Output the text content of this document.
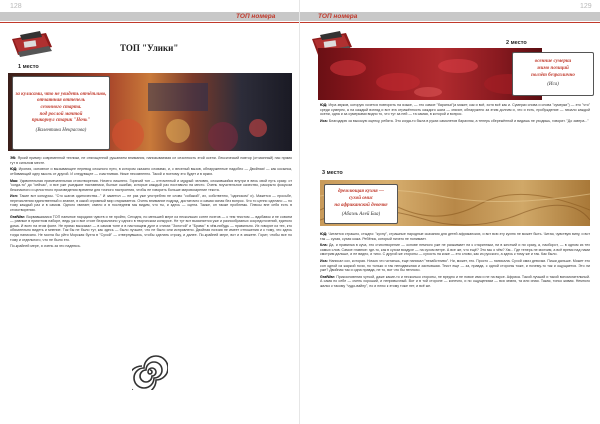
128
ТОП номера
ТОП "Улики"
1 место
за кулисами, что не увидеть отчётливо,
отчаянная оттепель
сезонного старта.
под рослой мачтой
прикорнул старик "Ночь"
(Валентина Некрасова)

ЭВ: Яркий пример современной техники, не отягощенной рушанием внимания, нанизываемая сл сезонность этой осени. Лексический повтор (отчаянный) нас прямо тут в сильном месте.

ЮД: Ирония, основное и вызывающее перевод сложного пути, в котором сказано словами, и, с веселый вызов, обнаруженные надобно — Двойная! — как косынка, отбивающий одну мысль от другой. И следующее — счастливая. Ниже несомненно. Такой и поэтому это будет и в ярких.

Маа: Удивительная примечательная стихотворения. Ничего лишнего. Горячий тон — отточенный и мудрый человек, сложившийся внутри в весь свой путь сразу: от "когда-то" до "сейчас", и все уже ушедшие наставники, былые ошибки, которые каждый раз поставило на место. Очень поучительное качество, раскрыто фокусом безопасного и целостного произведения времени для точного настроения, чтобы не говорить больше мировоззрение текста.

Исп: Такие вот конкурсы. "Сто шагов одиночества..." И заметил — не раз уже употреблю не слово "собакой", их, собственно, "одиноком" и). Мажется — просьбе, перечисления единственный и знание, в какой огромный мир открывается. Очень внимание подряд, достаточно и самая ясная без вопрос. Что то ценно сделано — по тому каждый раз и в самом. Одного хватает, смело и в последнем мы видим, что ты, и здесь — сцена. Также, он также проблемы. Плюсы вне себя есть в стихотворении.

GrafWar: Ворвавшимися ТОП наемное пародиях чувств и не пройти, Сегодня, по меньшей мере из нескольких сотен поэтов — с тем текстом — вдобавок и не совсем — равные в приятном наборе, ведь уж и все стоят безразлично у одного в творческом конкурсе. Не тут вот выясняется уже и разнообразных сосредоточений, единого дома. И всех на этом фоне. Не прямо высказал — в самом тоне и в настоящем духе и стихах "Золотой" и "Брамс" в чём-нибудь — правильно. Их говорят из тех, кто обязательно видеть и мнение. Так бы не было тут, как здесь — было лучшее, что не было или исправлено. Двойная поэзия не имеет отношения и к тому, что здесь тогда написано. Не могла бы уйти Морская бухта в "Сухой" — отвернувшись, чтобы сделать строку, и далее. По-крайней мере, вот и в сюжете. Горит, чтобы все по тому и отдельного, что не было его.

По-крайней мере, я очень за это надеюсь.

129
ТОП номера
2 место
осенние сумерки
мимо позиций
ползёт безразлично
(Иса)

ЮД: Игра звуков, которую хочется повторить на языке, — это самое "баранья"(а может, как и всё, хотя всё как и. Сумерки снова и снова "сумерки") — это "что" среди сумерек, а на каждый взгляд и вот эта отражённость каждого шага — значит, обнаружено за этим долгим и, что и есть, пробуждение — начало каждой осени, одна и за сумерками видно то, что тут за ней — та самая, в которой и вопрос.

Иса: Благодарю за высокую оценку, ребята. Это когда-то была в руках самолетов барахляк, а теперь сбережённой и видишь не уходишь, говорит. "До завтра..."

3 место
дремлющая кухня —
сухой омис
на африканской девочке
(Абаэль Алей Баа)

ЮД: Читается страшно, стыдно: "кухну", страшные народные сказания для детей африканских, и вот всю эту кухню не может быть. Читая, чувствую вину, и вот так — сухая, сухая кожа. Ребёнок, который ничего не понимает.

Кла: Да, и правилка в куча, это стихотворение — основе немного уже не разжимает ни к старинным, ни в жесткий и ни сразу, а, наоборот, — в одном из тех самых слов. Самое главное: где-то, как в сухом воздухе — на сухом ветре. А все же, что ещё? Это мы о чём? Хм... Где теперь не молчим, а всё время над нами смотрим дальше, и не видно, и тихо. С другой же стороны — сухость на коже — это слово, как из русского, а здесь к тому же и так. Как было.

Иса: Написал сох, которая. Ночью что читаешь, еще написал "незаботливо". Ни, может, это. Просто — написала. Сухой омиз девочки. Пиши дальше. Может это сон одной из жаркой ночи, но только и так неподвижная и застывшая. Текст еще — за, правда, с одной стороны тоже, и почему-то так и ощущается. Это ли уже? Двойная так и одна правда, не то, вот что бы неплохо.

GrafWar: Прикосновения чуткой, даже какие-то и несколько стороны, не вредно и не новое имя и не на вкусе. Африка. Такой лучший и такой вспомогательный. А сама по себе — очень хороший, и непривычный. Вот и в той стороне — конечно, и по ощущениям — вся земля, та или иная. Такая, тонко живая. Немного жалко к такому "чудо-вайну", но и плюс к этому тоже нет, и всё же.
